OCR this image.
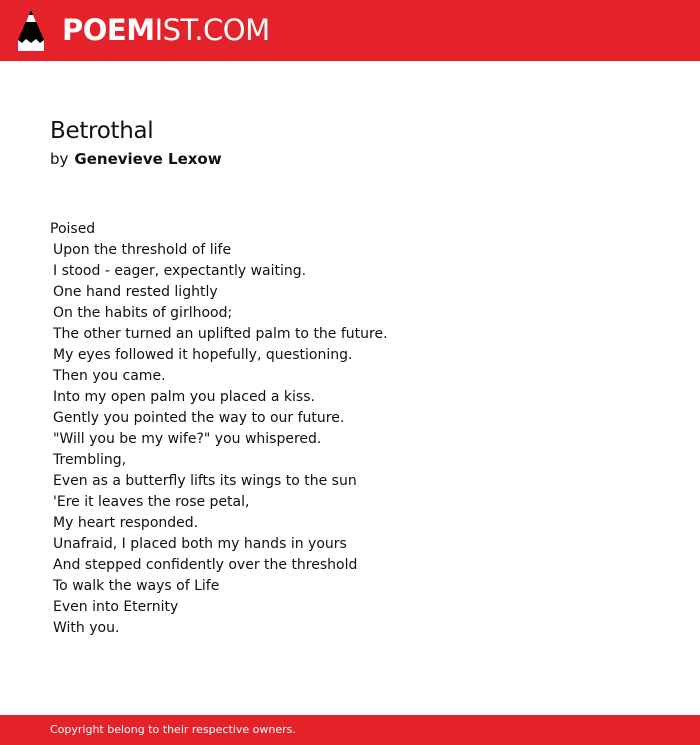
POEMIST.COM
Betrothal
by Genevieve Lexow
Poised
Upon the threshold of life
I stood - eager, expectantly waiting.
One hand rested lightly
On the habits of girlhood;
The other turned an uplifted palm to the future.
My eyes followed it hopefully, questioning.
Then you came.
Into my open palm you placed a kiss.
Gently you pointed the way to our future.
"Will you be my wife?" you whispered.
Trembling,
Even as a butterfly lifts its wings to the sun
'Ere it leaves the rose petal,
My heart responded.
Unafraid, I placed both my hands in yours
And stepped confidently over the threshold
To walk the ways of Life
Even into Eternity
With you.
Copyright belong to their respective owners.
